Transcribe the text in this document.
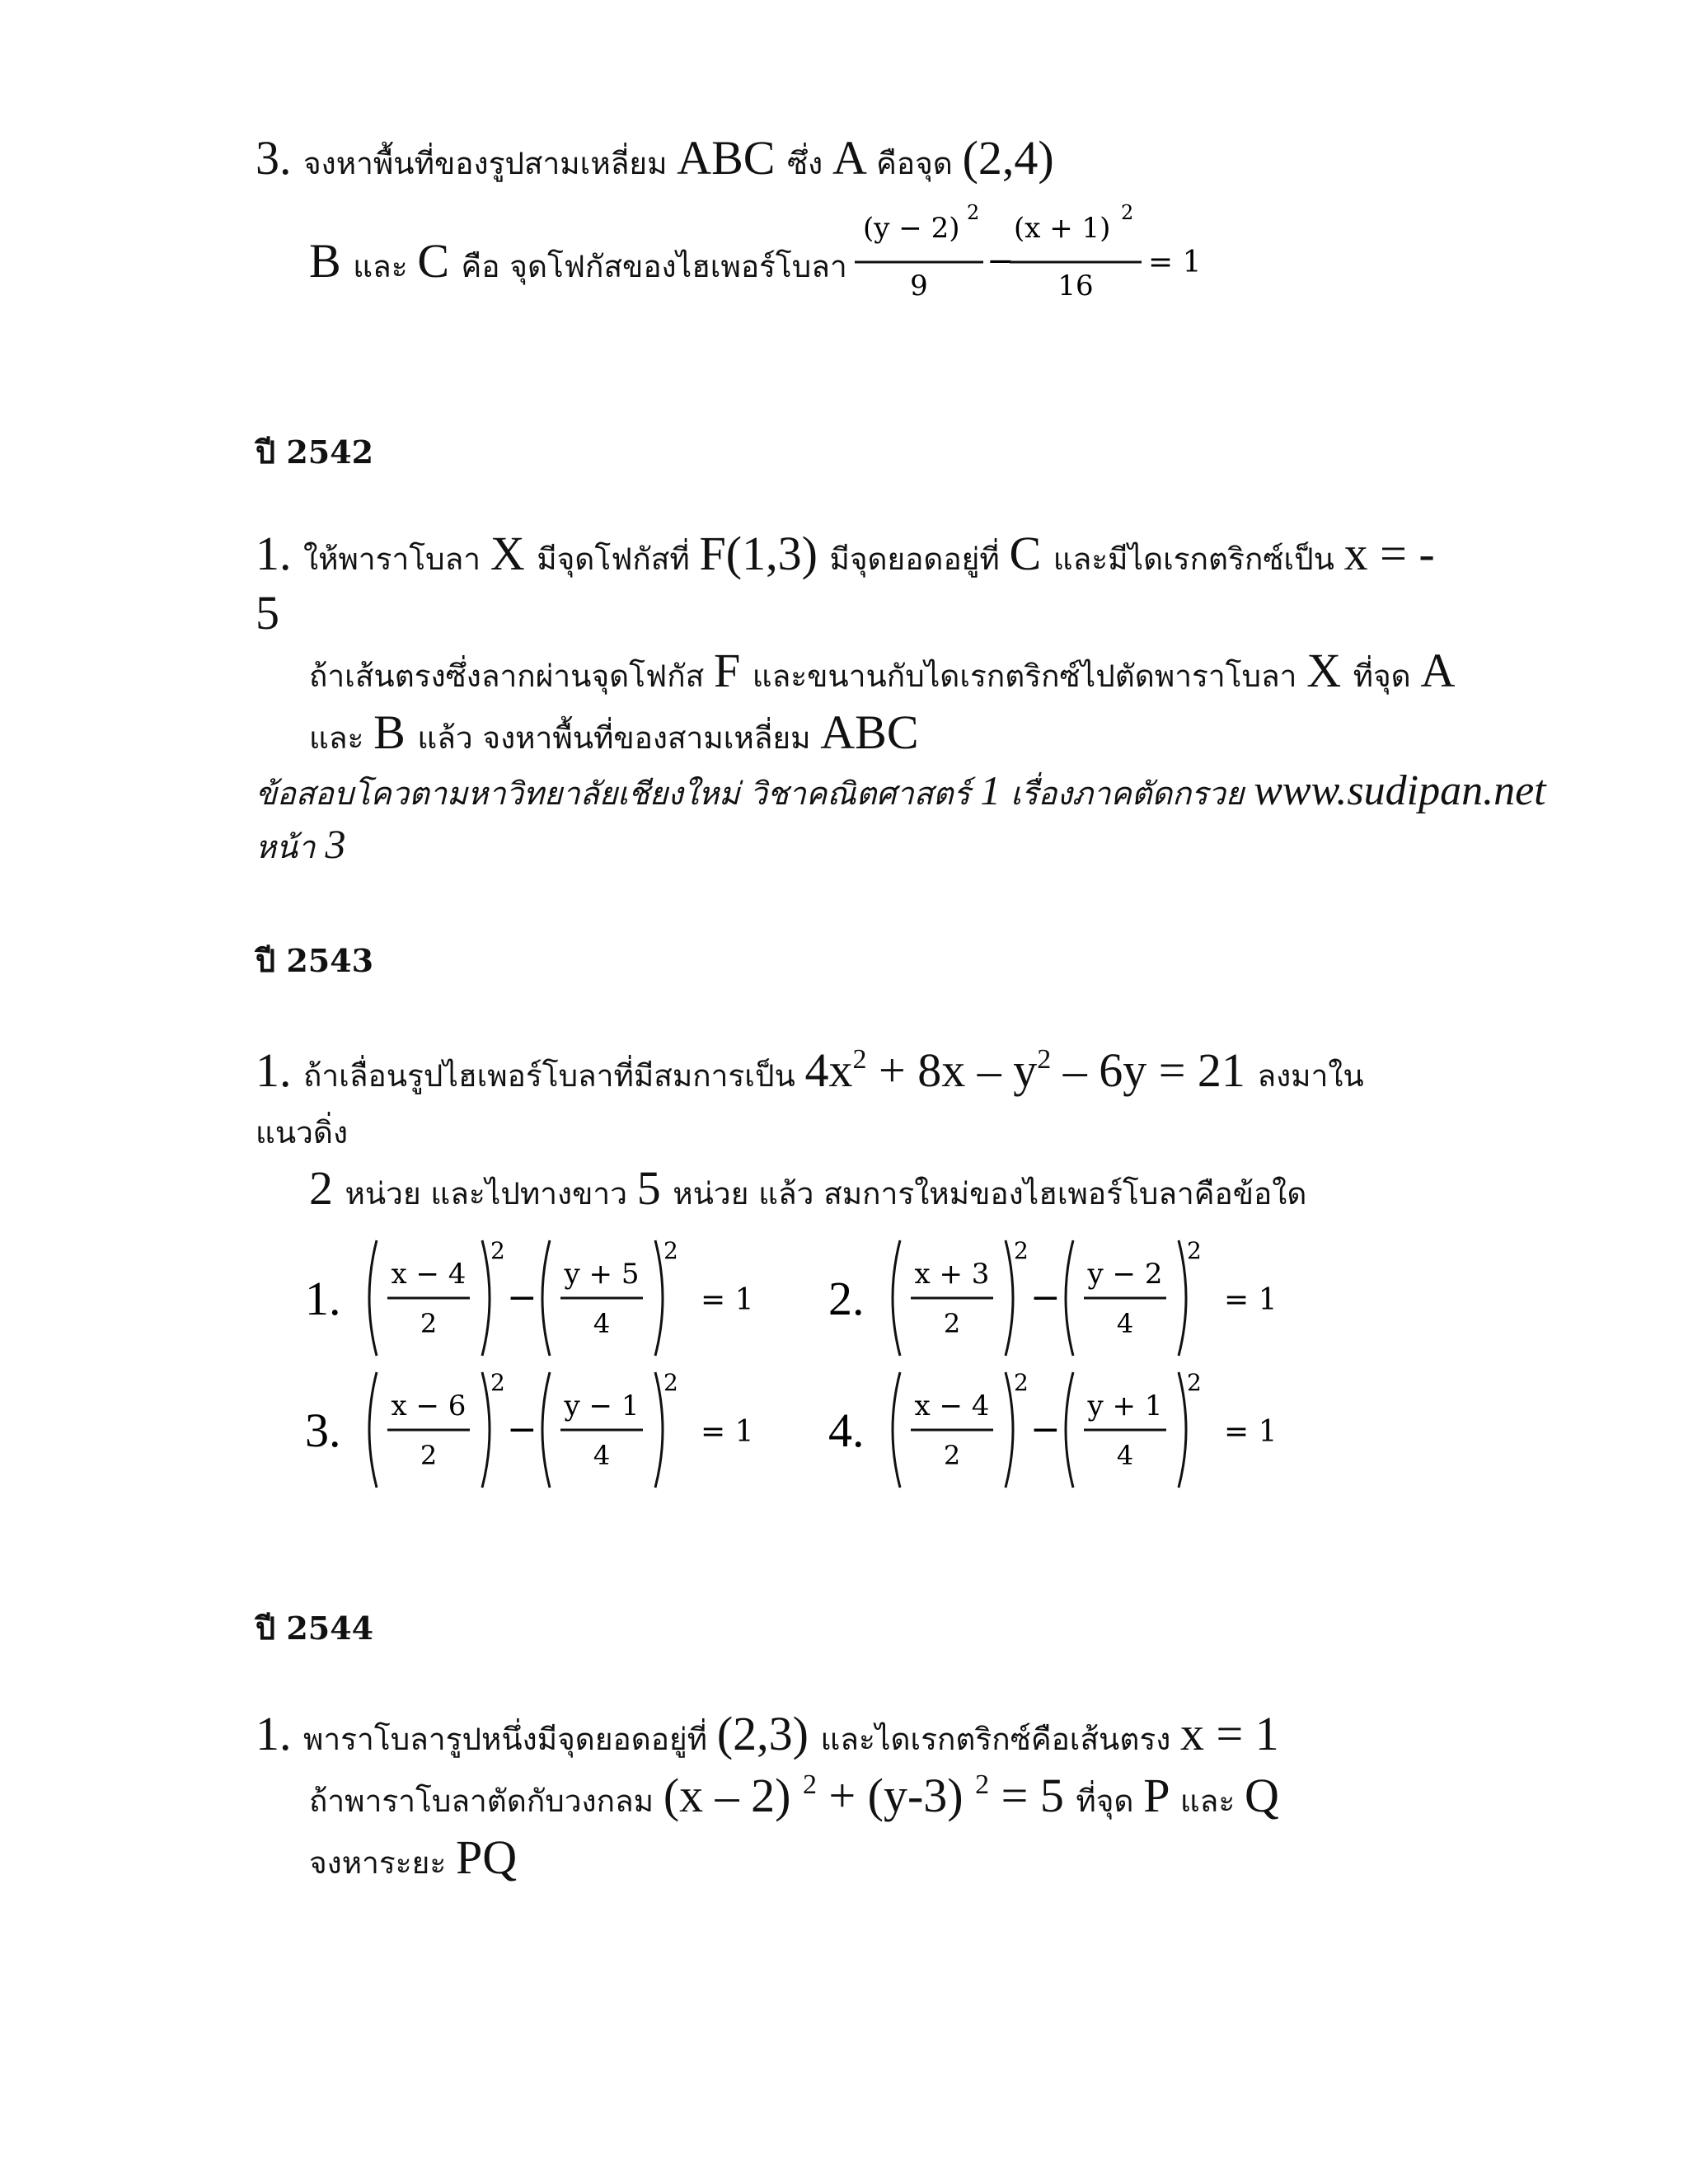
3. จงหาพื้นที่ของรูปสามเหลี่ยม ABC ซึ่ง A คือจุด (2,4)
B และ C คือ จุดโฟกัสของไฮเพอร์โบลา
(y − 2) 2
9
−
(x + 1) 2
16
= 1
ปี 2542
1. ให้พาราโบลา X มีจุดโฟกัสที่ F(1,3) มีจุดยอดอยู่ที่ C และมีไดเรกตริกซ์เป็น x = -
5
ถ้าเส้นตรงซึ่งลากผ่านจุดโฟกัส F และขนานกับไดเรกตริกซ์ไปตัดพาราโบลา X ที่จุด A
และ B แล้ว จงหาพื้นที่ของสามเหลี่ยม ABC
ข้อสอบโควตามหาวิทยาลัยเชียงใหม่ วิชาคณิตศาสตร์ 1 เรื่องภาคตัดกรวย www.sudipan.net
หน้า 3
ปี 2543
1. ถ้าเลื่อนรูปไฮเพอร์โบลาที่มีสมการเป็น $4x^2 + 8x - y^2 - 6y = 21$ ลงมาใน
แนวดิ่ง
2 หน่วย และไปทางขาว 5 หน่วย แล้ว สมการใหม่ของไฮเพอร์โบลาคือข้อใด
1. x − 4
2
2
−
y + 5
4
2
= 1 2. x + 3
2
2
−
y − 2
4
2
= 1
3. x − 6
2
2
−
y − 1
4
2
= 1 4. x − 4
2
2
−
y + 1
4
2
= 1
ปี 2544
1. พาราโบลารูปหนึ่งมีจุดยอดอยู่ที่ (2,3) และไดเรกตริกซ์คือเส้นตรง x = 1
ถ้าพาราโบลาตัดกับวงกลม (x – 2) $^2$ + (y-3) $^2$ = 5 ที่จุด P และ Q
จงหาระยะ PQ
